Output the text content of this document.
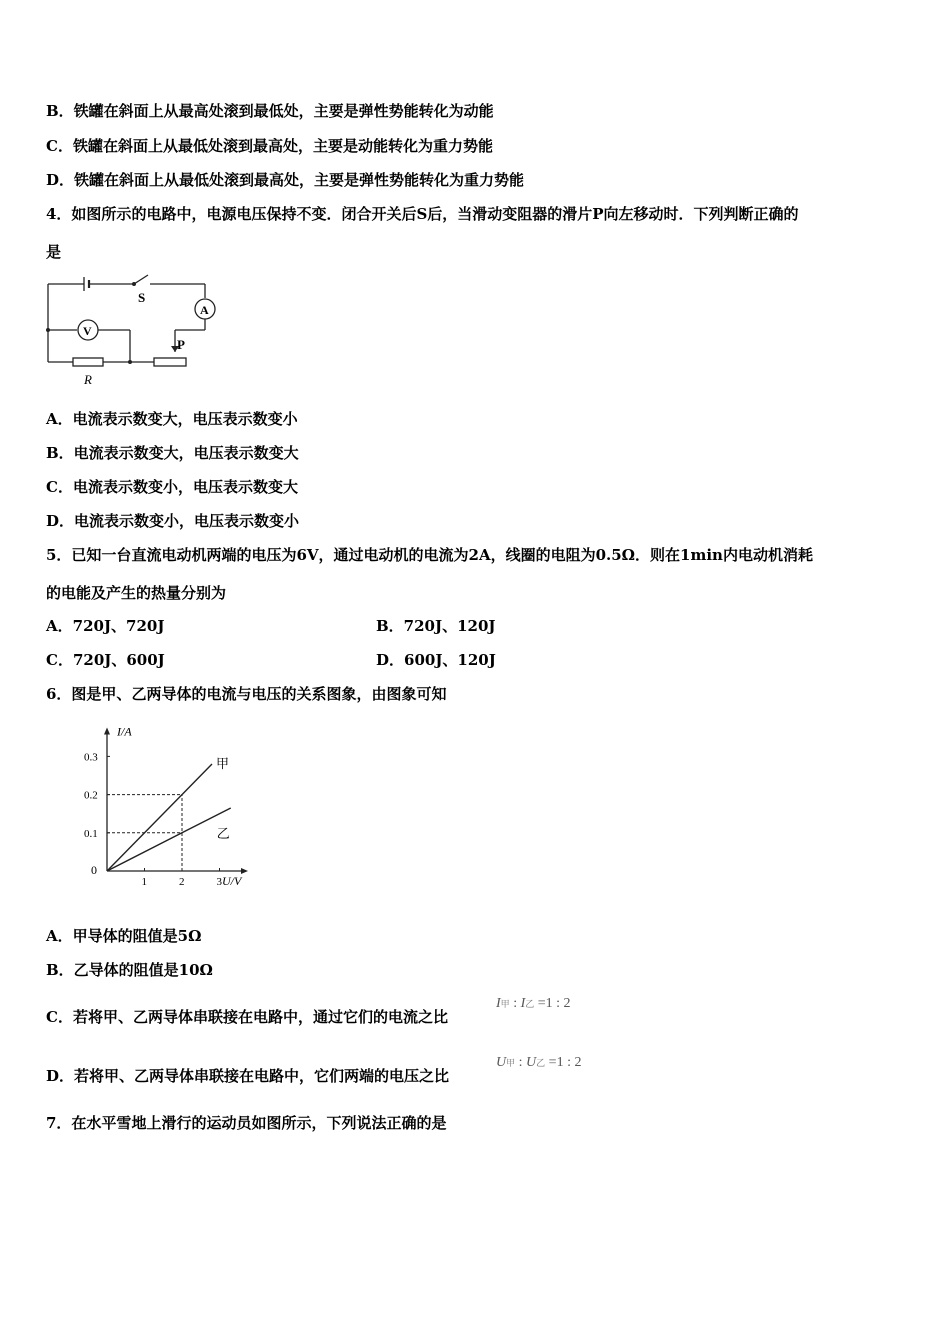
B．铁罐在斜面上从最高处滚到最低处，主要是弹性势能转化为动能
C．铁罐在斜面上从最低处滚到最高处，主要是动能转化为重力势能
D．铁罐在斜面上从最低处滚到最高处，主要是弹性势能转化为重力势能
4．如图所示的电路中，电源电压保持不变．闭合开关后S后，当滑动变阻器的滑片P向左移动时．下列判断正确的
是
S
A
V
P
R
A．电流表示数变大，电压表示数变小
B．电流表示数变大，电压表示数变大
C．电流表示数变小，电压表示数变大
D．电流表示数变小，电压表示数变小
5．已知一台直流电动机两端的电压为6V，通过电动机的电流为2A，线圈的电阻为0.5Ω．则在1min内电动机消耗
的电能及产生的热量分别为
A．720J、720J	B．720J、120J
C．720J、600J	D．600J、120J
6．图是甲、乙两导体的电流与电压的关系图象，由图象可知
I/A
U/V
0
1	2	3
0.1
0.2
0.3	甲
乙
A．甲导体的阻值是5Ω
B．乙导体的阻值是10Ω
C．若将甲、乙两导体串联接在电路中，通过它们的电流之比
I甲 : I乙 =1 : 2
D．若将甲、乙两导体串联接在电路中，它们两端的电压之比
U甲 : U乙 =1 : 2
7．在水平雪地上滑行的运动员如图所示，下列说法正确的是
